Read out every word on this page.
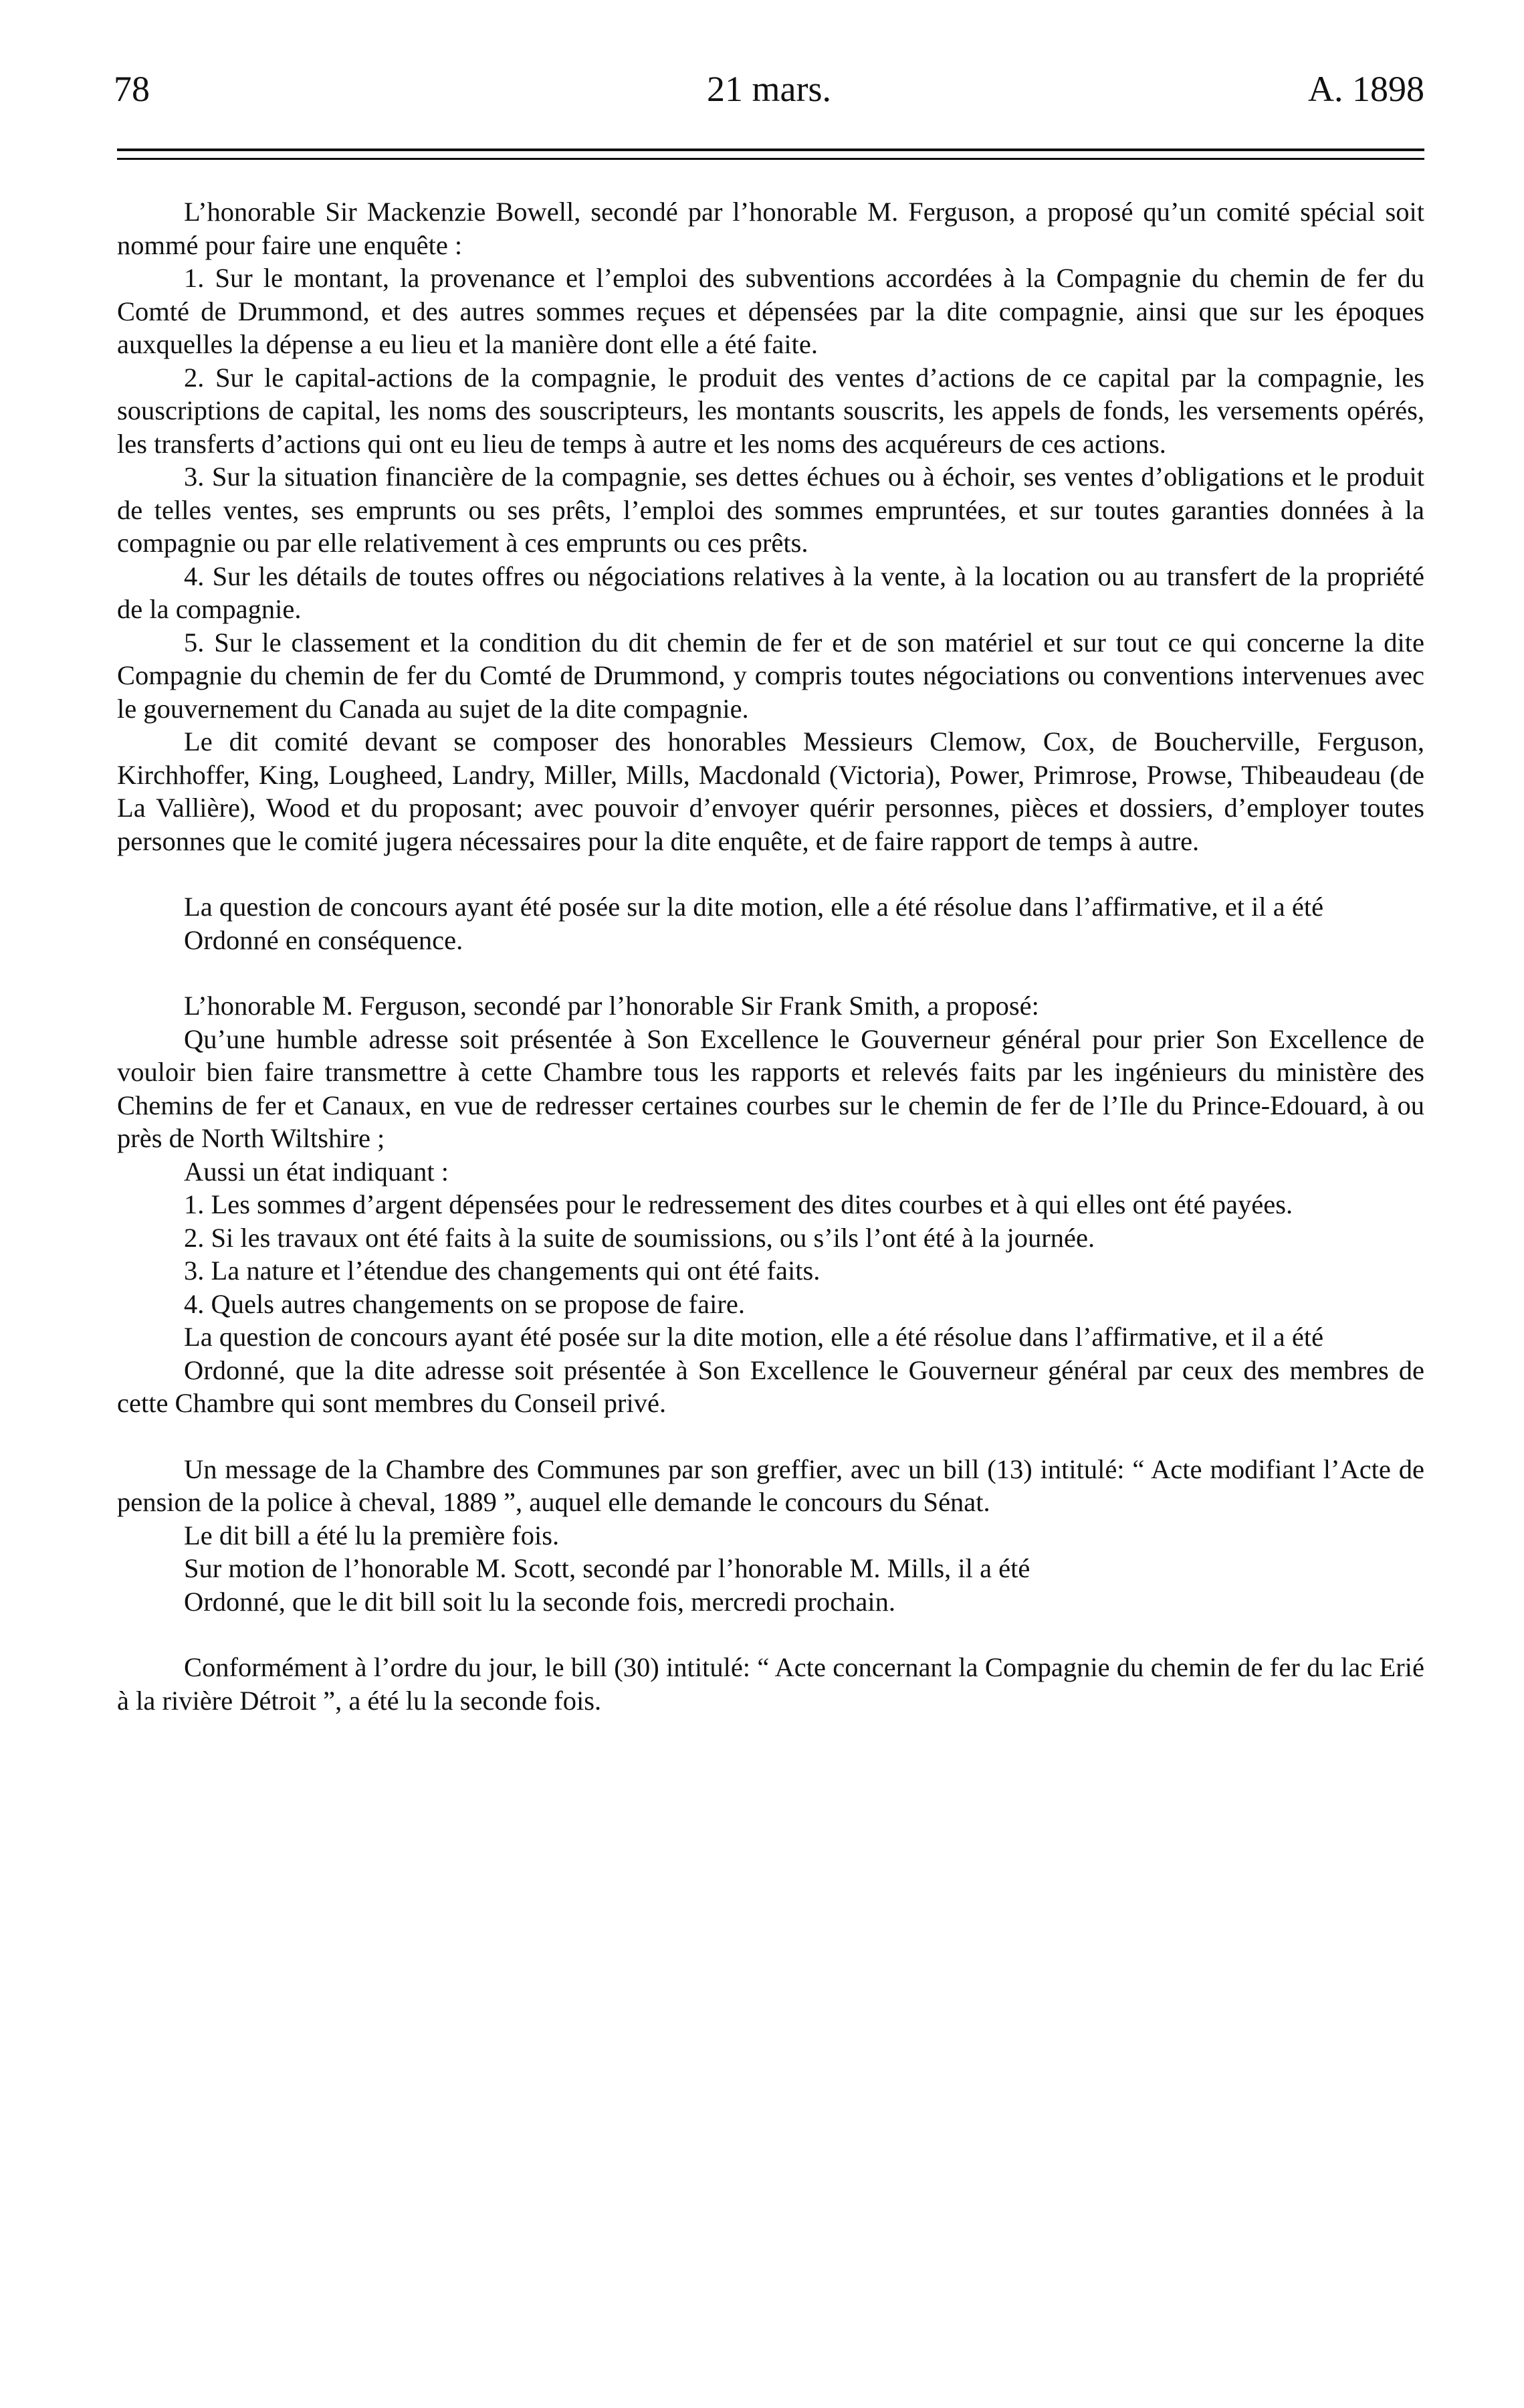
78	21 mars.	A. 1898

L’honorable Sir Mackenzie Bowell, secondé par l’honorable M. Ferguson, a proposé qu’un comité spécial soit nommé pour faire une enquête :

1. Sur le montant, la provenance et l’emploi des subventions accordées à la Compagnie du chemin de fer du Comté de Drummond, et des autres sommes reçues et dépensées par la dite compagnie, ainsi que sur les époques auxquelles la dépense a eu lieu et la manière dont elle a été faite.

2. Sur le capital-actions de la compagnie, le produit des ventes d’actions de ce capital par la compagnie, les souscriptions de capital, les noms des souscripteurs, les montants souscrits, les appels de fonds, les versements opérés, les transferts d’actions qui ont eu lieu de temps à autre et les noms des acquéreurs de ces actions.

3. Sur la situation financière de la compagnie, ses dettes échues ou à échoir, ses ventes d’obligations et le produit de telles ventes, ses emprunts ou ses prêts, l’emploi des sommes empruntées, et sur toutes garanties données à la compagnie ou par elle relativement à ces emprunts ou ces prêts.

4. Sur les détails de toutes offres ou négociations relatives à la vente, à la location ou au transfert de la propriété de la compagnie.

5. Sur le classement et la condition du dit chemin de fer et de son matériel et sur tout ce qui concerne la dite Compagnie du chemin de fer du Comté de Drummond, y compris toutes négociations ou conventions intervenues avec le gouvernement du Canada au sujet de la dite compagnie.

Le dit comité devant se composer des honorables Messieurs Clemow, Cox, de Boucherville, Ferguson, Kirchhoffer, King, Lougheed, Landry, Miller, Mills, Macdonald (Victoria), Power, Primrose, Prowse, Thibeaudeau (de La Vallière), Wood et du proposant; avec pouvoir d’envoyer quérir personnes, pièces et dossiers, d’employer toutes personnes que le comité jugera nécessaires pour la dite enquête, et de faire rapport de temps à autre.

La question de concours ayant été posée sur la dite motion, elle a été résolue dans l’affirmative, et il a été

Ordonné en conséquence.

L’honorable M. Ferguson, secondé par l’honorable Sir Frank Smith, a proposé:

Qu’une humble adresse soit présentée à Son Excellence le Gouverneur général pour prier Son Excellence de vouloir bien faire transmettre à cette Chambre tous les rapports et relevés faits par les ingénieurs du ministère des Chemins de fer et Canaux, en vue de redresser certaines courbes sur le chemin de fer de l’Ile du Prince-Edouard, à ou près de North Wiltshire ;

Aussi un état indiquant :

1. Les sommes d’argent dépensées pour le redressement des dites courbes et à qui elles ont été payées.

2. Si les travaux ont été faits à la suite de soumissions, ou s’ils l’ont été à la journée.

3. La nature et l’étendue des changements qui ont été faits.

4. Quels autres changements on se propose de faire.

La question de concours ayant été posée sur la dite motion, elle a été résolue dans l’affirmative, et il a été

Ordonné, que la dite adresse soit présentée à Son Excellence le Gouverneur général par ceux des membres de cette Chambre qui sont membres du Conseil privé.

Un message de la Chambre des Communes par son greffier, avec un bill (13) intitulé: “ Acte modifiant l’Acte de pension de la police à cheval, 1889 ”, auquel elle demande le concours du Sénat.

Le dit bill a été lu la première fois.

Sur motion de l’honorable M. Scott, secondé par l’honorable M. Mills, il a été

Ordonné, que le dit bill soit lu la seconde fois, mercredi prochain.

Conformément à l’ordre du jour, le bill (30) intitulé: “ Acte concernant la Compagnie du chemin de fer du lac Erié à la rivière Détroit ”, a été lu la seconde fois.
